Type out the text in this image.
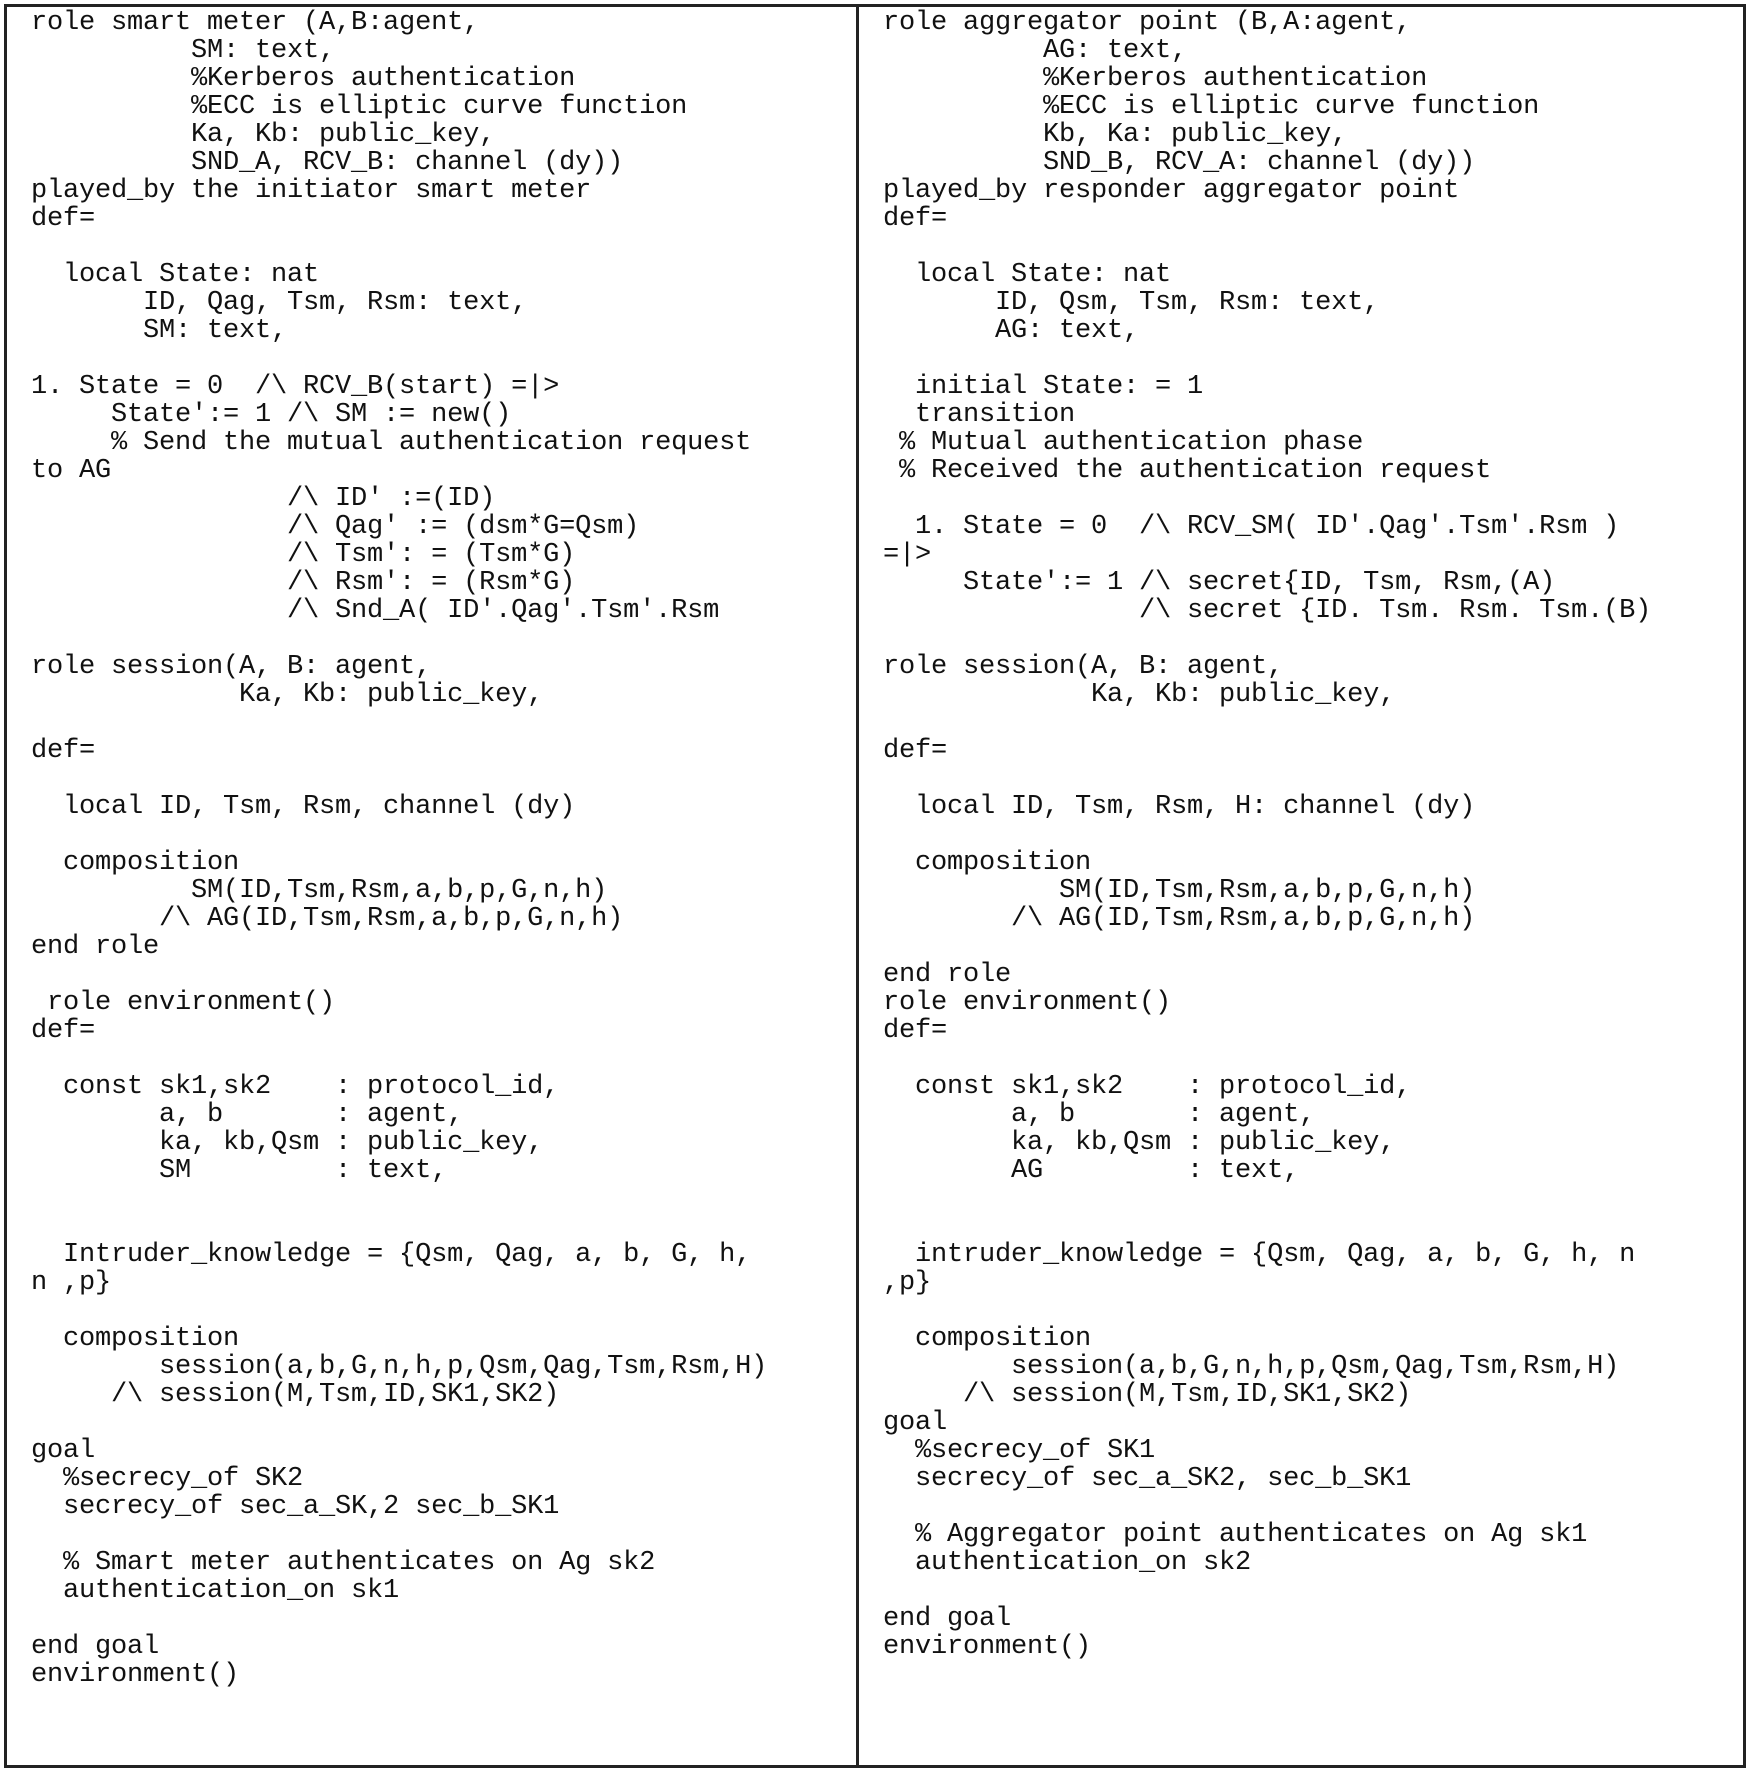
role smart meter (A,B:agent,
SM: text,
%Kerberos authentication
%ECC is elliptic curve function
Ka, Kb: public_key,
SND_A, RCV_B: channel (dy))
played_by the initiator smart meter
def=

local State: nat
ID, Qag, Tsm, Rsm: text,
SM: text,

1. State = 0  /\ RCV_B(start) =|>
State':= 1 /\ SM := new()
% Send the mutual authentication request
to AG
/\ ID' :=(ID)
/\ Qag' := (dsm*G=Qsm)
/\ Tsm': = (Tsm*G)
/\ Rsm': = (Rsm*G)
/\ Snd_A( ID'.Qag'.Tsm'.Rsm

role session(A, B: agent,
Ka, Kb: public_key,

def=

local ID, Tsm, Rsm, channel (dy)

composition
SM(ID,Tsm,Rsm,a,b,p,G,n,h)
/\ AG(ID,Tsm,Rsm,a,b,p,G,n,h)
end role

role environment()
def=

const sk1,sk2    : protocol_id,
a, b       : agent,
ka, kb,Qsm : public_key,
SM         : text,

Intruder_knowledge = {Qsm, Qag, a, b, G, h,
n ,p}

composition
session(a,b,G,n,h,p,Qsm,Qag,Tsm,Rsm,H)
/\ session(M,Tsm,ID,SK1,SK2)

goal
%secrecy_of SK2
secrecy_of sec_a_SK,2 sec_b_SK1

% Smart meter authenticates on Ag sk2
authentication_on sk1

end goal
environment()
role aggregator point (B,A:agent,
AG: text,
%Kerberos authentication
%ECC is elliptic curve function
Kb, Ka: public_key,
SND_B, RCV_A: channel (dy))
played_by responder aggregator point
def=

local State: nat
ID, Qsm, Tsm, Rsm: text,
AG: text,

initial State: = 1
transition
% Mutual authentication phase
% Received the authentication request

1. State = 0  /\ RCV_SM( ID'.Qag'.Tsm'.Rsm )
=|>
State':= 1 /\ secret{ID, Tsm, Rsm,(A)
/\ secret {ID. Tsm. Rsm. Tsm.(B)

role session(A, B: agent,
Ka, Kb: public_key,

def=

local ID, Tsm, Rsm, H: channel (dy)

composition
SM(ID,Tsm,Rsm,a,b,p,G,n,h)
/\ AG(ID,Tsm,Rsm,a,b,p,G,n,h)

end role
role environment()
def=

const sk1,sk2    : protocol_id,
a, b       : agent,
ka, kb,Qsm : public_key,
AG         : text,

intruder_knowledge = {Qsm, Qag, a, b, G, h, n
,p}

composition
session(a,b,G,n,h,p,Qsm,Qag,Tsm,Rsm,H)
/\ session(M,Tsm,ID,SK1,SK2)
goal
%secrecy_of SK1
secrecy_of sec_a_SK2, sec_b_SK1

% Aggregator point authenticates on Ag sk1
authentication_on sk2

end goal
environment()
